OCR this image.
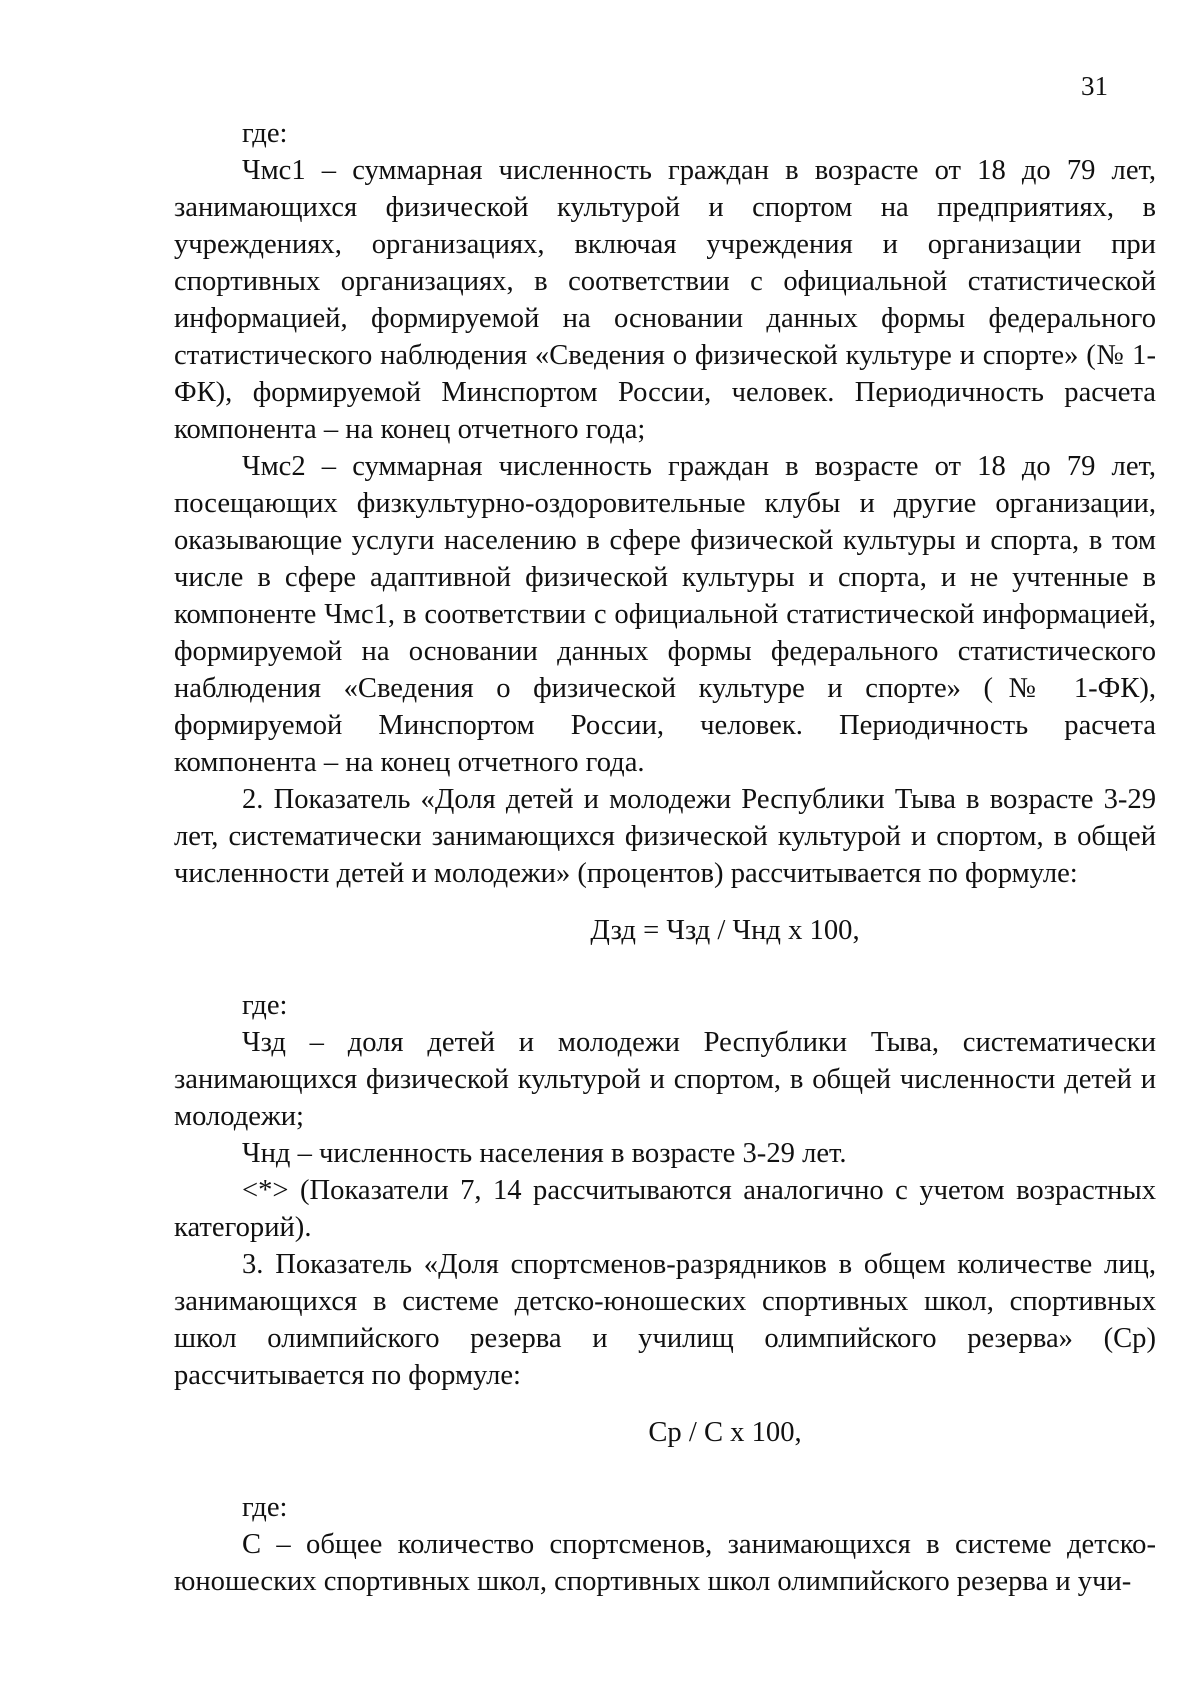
31

где:

Чмс1 – суммарная численность граждан в возрасте от 18 до 79 лет, занимающихся физической культурой и спортом на предприятиях, в учреждениях, организациях, включая учреждения и организации при спортивных организациях, в соответствии с официальной статистической информацией, формируемой на основании данных формы федерального статистического наблюдения «Сведения о физической культуре и спорте» (№ 1-ФК), формируемой Минспортом России, человек. Периодичность расчета компонента – на конец отчетного года;

Чмс2 – суммарная численность граждан в возрасте от 18 до 79 лет, посещающих физкультурно-оздоровительные клубы и другие организации, оказывающие услуги населению в сфере физической культуры и спорта, в том числе в сфере адаптивной физической культуры и спорта, и не учтенные в компоненте Чмс1, в соответствии с официальной статистической информацией, формируемой на основании данных формы федерального статистического наблюдения «Сведения о физической культуре и спорте» (№ 1-ФК), формируемой Минспортом России, человек. Периодичность расчета компонента – на конец отчетного года.

2. Показатель «Доля детей и молодежи Республики Тыва в возрасте 3-29 лет, систематически занимающихся физической культурой и спортом, в общей численности детей и молодежи» (процентов) рассчитывается по формуле:

Дзд = Чзд / Чнд х 100,

где:

Чзд – доля детей и молодежи Республики Тыва, систематически занимающихся физической культурой и спортом, в общей численности детей и молодежи;

Чнд – численность населения в возрасте 3-29 лет.

<*> (Показатели 7, 14 рассчитываются аналогично с учетом возрастных категорий).

3. Показатель «Доля спортсменов-разрядников в общем количестве лиц, занимающихся в системе детско-юношеских спортивных школ, спортивных школ олимпийского резерва и училищ олимпийского резерва» (Ср) рассчитывается по формуле:

Ср / С х 100,

где:

С – общее количество спортсменов, занимающихся в системе детско-юношеских спортивных школ, спортивных школ олимпийского резерва и учи-
